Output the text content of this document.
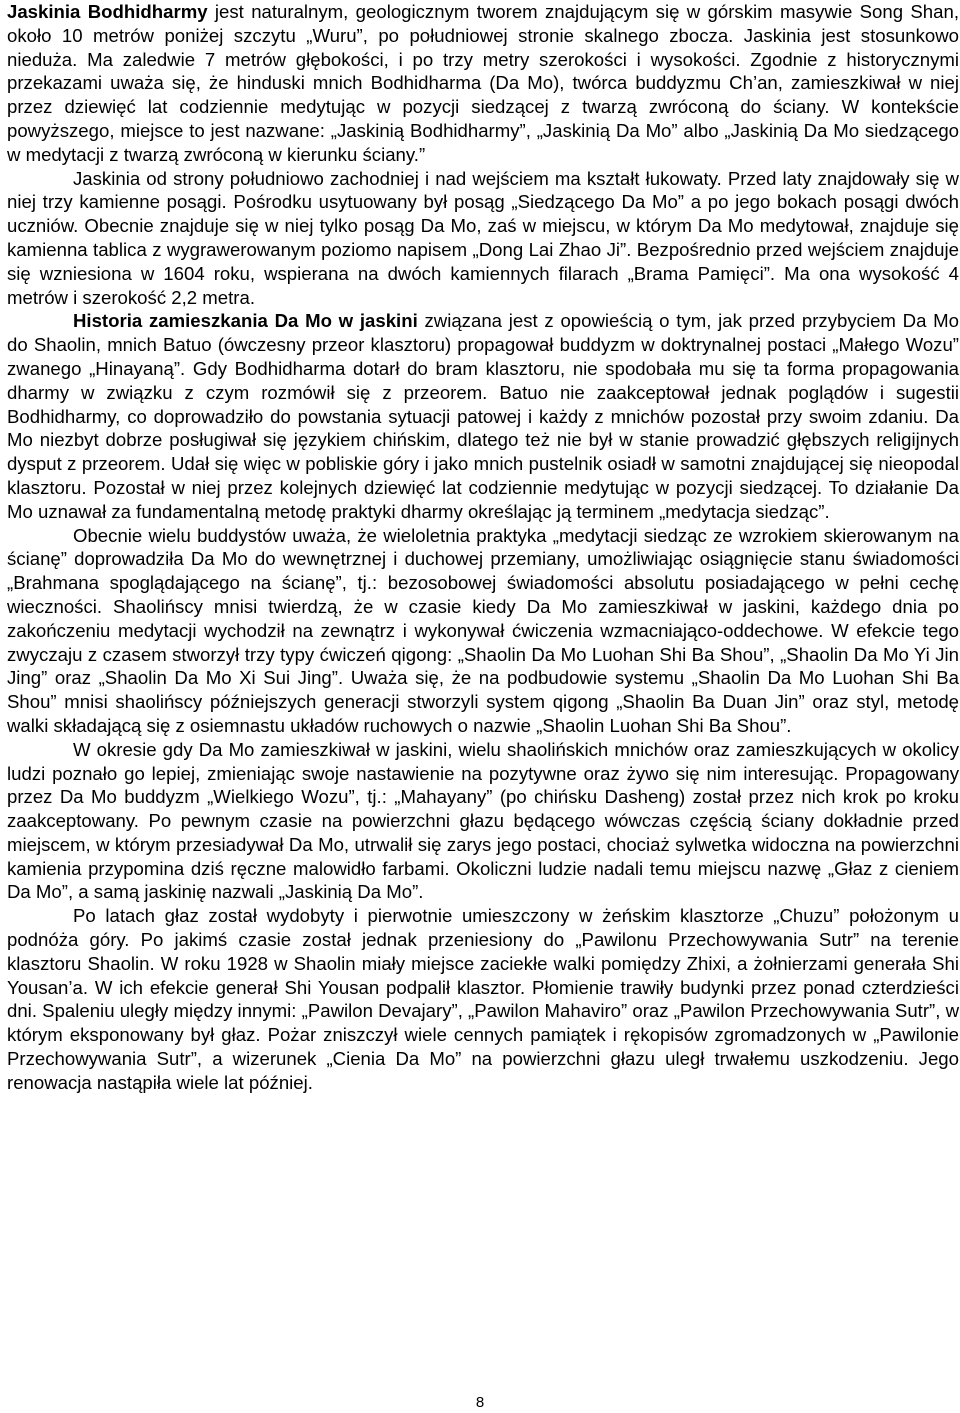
Jaskinia Bodhidharmy jest naturalnym, geologicznym tworem znajdującym się w górskim masywie Song Shan, około 10 metrów poniżej szczytu „Wuru”, po południowej stronie skalnego zbocza. Jaskinia jest stosunkowo nieduża. Ma zaledwie 7 metrów głębokości, i po trzy metry szerokości i wysokości. Zgodnie z historycznymi przekazami uważa się, że hinduski mnich Bodhidharma (Da Mo), twórca buddyzmu Ch’an, zamieszkiwał w niej przez dziewięć lat codziennie medytując w pozycji siedzącej z twarzą zwróconą do ściany. W kontekście powyższego, miejsce to jest nazwane: „Jaskinią Bodhidharmy”, „Jaskinią Da Mo” albo „Jaskinią Da Mo siedzącego w medytacji z twarzą zwróconą w kierunku ściany.”

Jaskinia od strony południowo zachodniej i nad wejściem ma kształt łukowaty. Przed laty znajdowały się w niej trzy kamienne posągi. Pośrodku usytuowany był posąg „Siedzącego Da Mo” a po jego bokach posągi dwóch uczniów. Obecnie znajduje się w niej tylko posąg Da Mo, zaś w miejscu, w którym Da Mo medytował, znajduje się kamienna tablica z wygrawerowanym poziomo napisem „Dong Lai Zhao Ji”. Bezpośrednio przed wejściem znajduje się wzniesiona w 1604 roku, wspierana na dwóch kamiennych filarach „Brama Pamięci”. Ma ona wysokość 4 metrów i szerokość 2,2 metra.

Historia zamieszkania Da Mo w jaskini związana jest z opowieścią o tym, jak przed przybyciem Da Mo do Shaolin, mnich Batuo (ówczesny przeor klasztoru) propagował buddyzm w doktrynalnej postaci „Małego Wozu” zwanego „Hinayaną”. Gdy Bodhidharma dotarł do bram klasztoru, nie spodobała mu się ta forma propagowania dharmy w związku z czym rozmówił się z przeorem. Batuo nie zaakceptował jednak poglądów i sugestii Bodhidharmy, co doprowadziło do powstania sytuacji patowej i każdy z mnichów pozostał przy swoim zdaniu. Da Mo niezbyt dobrze posługiwał się językiem chińskim, dlatego też nie był w stanie prowadzić głębszych religijnych dysput z przeorem. Udał się więc w pobliskie góry i jako mnich pustelnik osiadł w samotni znajdującej się nieopodal klasztoru. Pozostał w niej przez kolejnych dziewięć lat codziennie medytując w pozycji siedzącej. To działanie Da Mo uznawał za fundamentalną metodę praktyki dharmy określając ją terminem „medytacja siedząc”.

Obecnie wielu buddystów uważa, że wieloletnia praktyka „medytacji siedząc ze wzrokiem skierowanym na ścianę” doprowadziła Da Mo do wewnętrznej i duchowej przemiany, umożliwiając osiągnięcie stanu świadomości „Brahmana spoglądającego na ścianę”, tj.: bezosobowej świadomości absolutu posiadającego w pełni cechę wieczności. Shaolińscy mnisi twierdzą, że w czasie kiedy Da Mo zamieszkiwał w jaskini, każdego dnia po zakończeniu medytacji wychodził na zewnątrz i wykonywał ćwiczenia wzmacniająco-oddechowe. W efekcie tego zwyczaju z czasem stworzył trzy typy ćwiczeń qigong: „Shaolin Da Mo Luohan Shi Ba Shou”, „Shaolin Da Mo Yi Jin Jing” oraz „Shaolin Da Mo Xi Sui Jing”. Uważa się, że na podbudowie systemu „Shaolin Da Mo Luohan Shi Ba Shou” mnisi shaolińscy późniejszych generacji stworzyli system qigong „Shaolin Ba Duan Jin” oraz styl, metodę walki składającą się z osiemnastu układów ruchowych o nazwie „Shaolin Luohan Shi Ba Shou”.

W okresie gdy Da Mo zamieszkiwał w jaskini, wielu shaolińskich mnichów oraz zamieszkujących w okolicy ludzi poznało go lepiej, zmieniając swoje nastawienie na pozytywne oraz żywo się nim interesując. Propagowany przez Da Mo buddyzm „Wielkiego Wozu”, tj.: „Mahayany” (po chińsku Dasheng) został przez nich krok po kroku zaakceptowany. Po pewnym czasie na powierzchni głazu będącego wówczas częścią ściany dokładnie przed miejscem, w którym przesiadywał Da Mo, utrwalił się zarys jego postaci, chociaż sylwetka widoczna na powierzchni kamienia przypomina dziś ręczne malowidło farbami. Okoliczni ludzie nadali temu miejscu nazwę „Głaz z cieniem Da Mo”, a samą jaskinię nazwali „Jaskinią Da Mo”.

Po latach głaz został wydobyty i pierwotnie umieszczony w żeńskim klasztorze „Chuzu” położonym u podnóża góry. Po jakimś czasie został jednak przeniesiony do „Pawilonu Przechowywania Sutr” na terenie klasztoru Shaolin. W roku 1928 w Shaolin miały miejsce zaciekłe walki pomiędzy Zhixi, a żołnierzami generała Shi Yousan’a. W ich efekcie generał Shi Yousan podpalił klasztor. Płomienie trawiły budynki przez ponad czterdzieści dni. Spaleniu uległy między innymi: „Pawilon Devajary”, „Pawilon Mahaviro” oraz „Pawilon Przechowywania Sutr”, w którym eksponowany był głaz. Pożar zniszczył wiele cennych pamiątek i rękopisów zgromadzonych w „Pawilonie Przechowywania Sutr”, a wizerunek „Cienia Da Mo” na powierzchni głazu uległ trwałemu uszkodzeniu. Jego renowacja nastąpiła wiele lat później.

8
